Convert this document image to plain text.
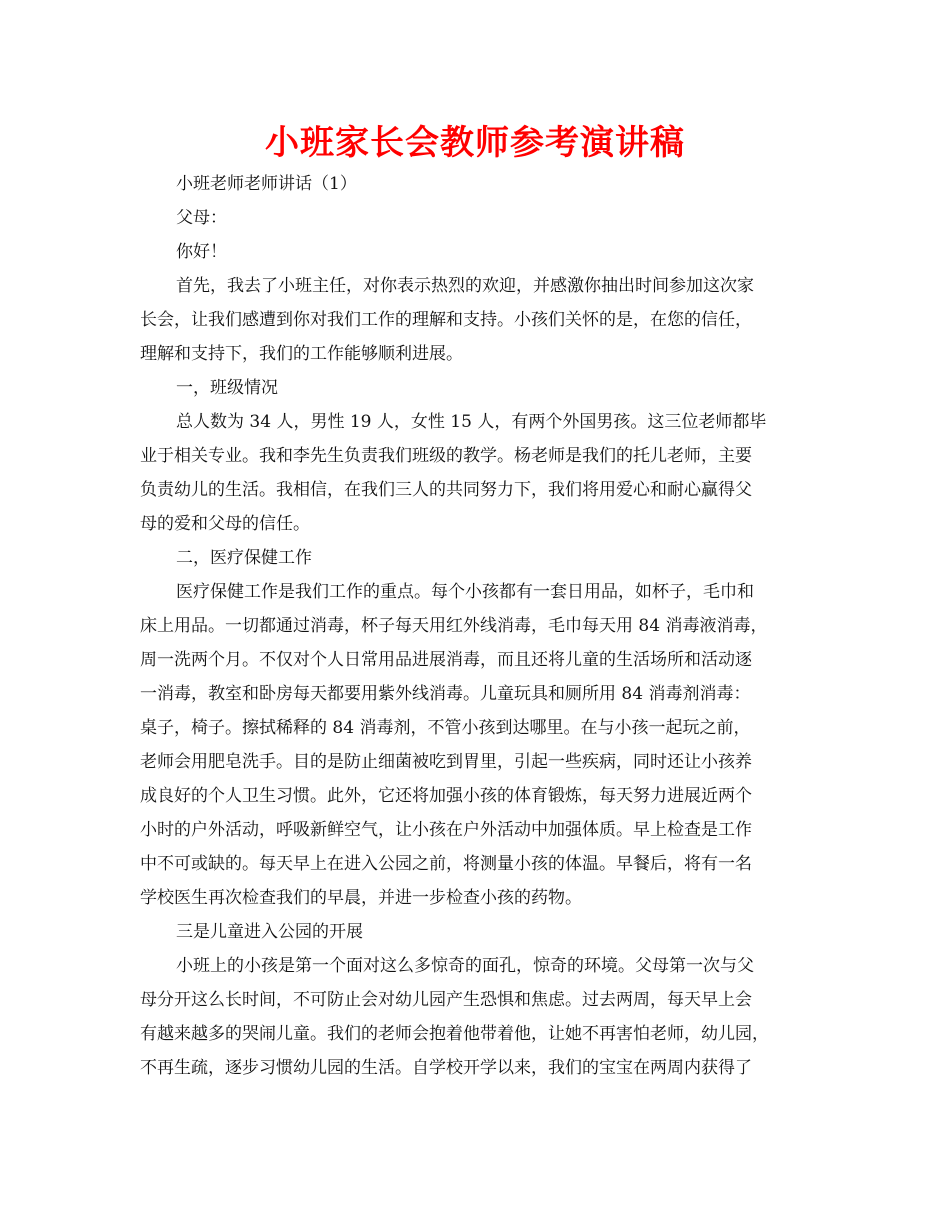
小班家长会教师参考演讲稿
小班老师老师讲话（1）
父母：
你好！
首先，我去了小班主任，对你表示热烈的欢迎，并感激你抽出时间参加这次家
长会，让我们感遭到你对我们工作的理解和支持。小孩们关怀的是，在您的信任，
理解和支持下，我们的工作能够顺利进展。
一，班级情况
总人数为 34 人，男性 19 人，女性 15 人，有两个外国男孩。这三位老师都毕
业于相关专业。我和李先生负责我们班级的教学。杨老师是我们的托儿老师，主要
负责幼儿的生活。我相信，在我们三人的共同努力下，我们将用爱心和耐心赢得父
母的爱和父母的信任。
二，医疗保健工作
医疗保健工作是我们工作的重点。每个小孩都有一套日用品，如杯子，毛巾和
床上用品。一切都通过消毒，杯子每天用红外线消毒，毛巾每天用 84 消毒液消毒，
周一洗两个月。不仅对个人日常用品进展消毒，而且还将儿童的生活场所和活动逐
一消毒，教室和卧房每天都要用紫外线消毒。儿童玩具和厕所用 84 消毒剂消毒：
桌子，椅子。擦拭稀释的 84 消毒剂，不管小孩到达哪里。在与小孩一起玩之前，
老师会用肥皂洗手。目的是防止细菌被吃到胃里，引起一些疾病，同时还让小孩养
成良好的个人卫生习惯。此外，它还将加强小孩的体育锻炼，每天努力进展近两个
小时的户外活动，呼吸新鲜空气，让小孩在户外活动中加强体质。早上检查是工作
中不可或缺的。每天早上在进入公园之前，将测量小孩的体温。早餐后，将有一名
学校医生再次检查我们的早晨，并进一步检查小孩的药物。
三是儿童进入公园的开展
小班上的小孩是第一个面对这么多惊奇的面孔，惊奇的环境。父母第一次与父
母分开这么长时间，不可防止会对幼儿园产生恐惧和焦虑。过去两周，每天早上会
有越来越多的哭闹儿童。我们的老师会抱着他带着他，让她不再害怕老师，幼儿园，
不再生疏，逐步习惯幼儿园的生活。自学校开学以来，我们的宝宝在两周内获得了
